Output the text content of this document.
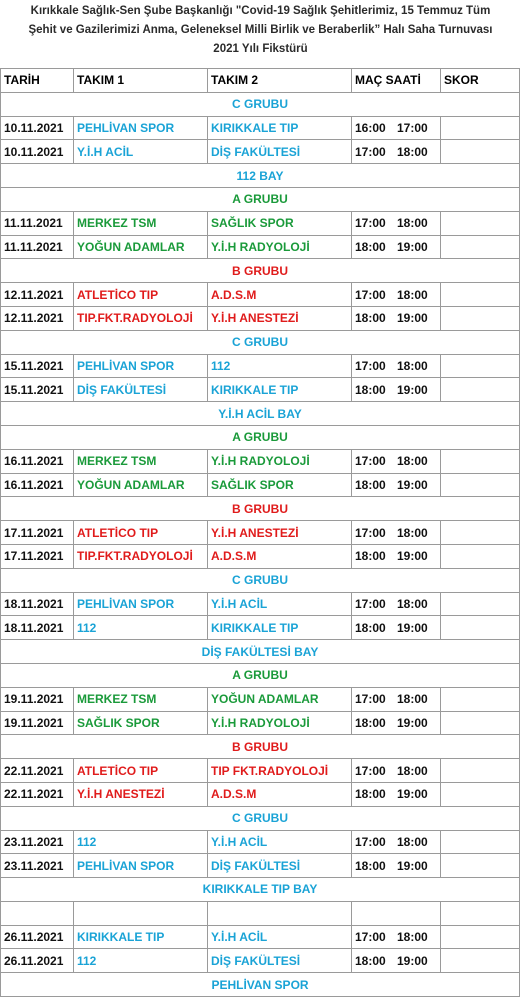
Kırıkkale Sağlık-Sen Şube Başkanlığı "Covid-19 Sağlık Şehitlerimiz, 15 Temmuz Tüm
Şehit ve Gazilerimizi Anma, Geleneksel Milli Birlik ve Beraberlik” Halı Saha Turnuvası
2021 Yılı Fikstürü
TARİH	TAKIM 1	TAKIM 2	MAÇ SAATİ	SKOR
C GRUBU				
10.11.2021	PEHLİVAN SPOR	KIRIKKALE TIP	16:00 17:00	
10.11.2021	Y.İ.H ACİL	DİŞ FAKÜLTESİ	17:00 18:00	
112 BAY				
A GRUBU				
11.11.2021	MERKEZ TSM	SAĞLIK SPOR	17:00 18:00	
11.11.2021	YOĞUN ADAMLAR	Y.İ.H RADYOLOJİ	18:00 19:00	
B GRUBU				
12.11.2021	ATLETİCO TIP	A.D.S.M	17:00 18:00	
12.11.2021	TIP.FKT.RADYOLOJİ	Y.İ.H ANESTEZİ	18:00 19:00	
C GRUBU				
15.11.2021	PEHLİVAN SPOR	112	17:00 18:00	
15.11.2021	DİŞ FAKÜLTESİ	KIRIKKALE TIP	18:00 19:00	
Y.İ.H ACİL BAY				
A GRUBU				
16.11.2021	MERKEZ TSM	Y.İ.H RADYOLOJİ	17:00 18:00	
16.11.2021	YOĞUN ADAMLAR	SAĞLIK SPOR	18:00 19:00	
B GRUBU				
17.11.2021	ATLETİCO TIP	Y.İ.H ANESTEZİ	17:00 18:00	
17.11.2021	TIP.FKT.RADYOLOJİ	A.D.S.M	18:00 19:00	
C GRUBU				
18.11.2021	PEHLİVAN SPOR	Y.İ.H ACİL	17:00 18:00	
18.11.2021	112	KIRIKKALE TIP	18:00 19:00	
DİŞ FAKÜLTESİ BAY				
A GRUBU				
19.11.2021	MERKEZ TSM	YOĞUN ADAMLAR	17:00 18:00	
19.11.2021	SAĞLIK SPOR	Y.İ.H RADYOLOJİ	18:00 19:00	
B GRUBU				
22.11.2021	ATLETİCO TIP	TIP FKT.RADYOLOJİ	17:00 18:00	
22.11.2021	Y.İ.H ANESTEZİ	A.D.S.M	18:00 19:00	
C GRUBU				
23.11.2021	112	Y.İ.H ACİL	17:00 18:00	
23.11.2021	PEHLİVAN SPOR	DİŞ FAKÜLTESİ	18:00 19:00	
KIRIKKALE TIP BAY				

26.11.2021	KIRIKKALE TIP	Y.İ.H ACİL	17:00 18:00	
26.11.2021	112	DİŞ FAKÜLTESİ	18:00 19:00	
PEHLİVAN SPOR				
